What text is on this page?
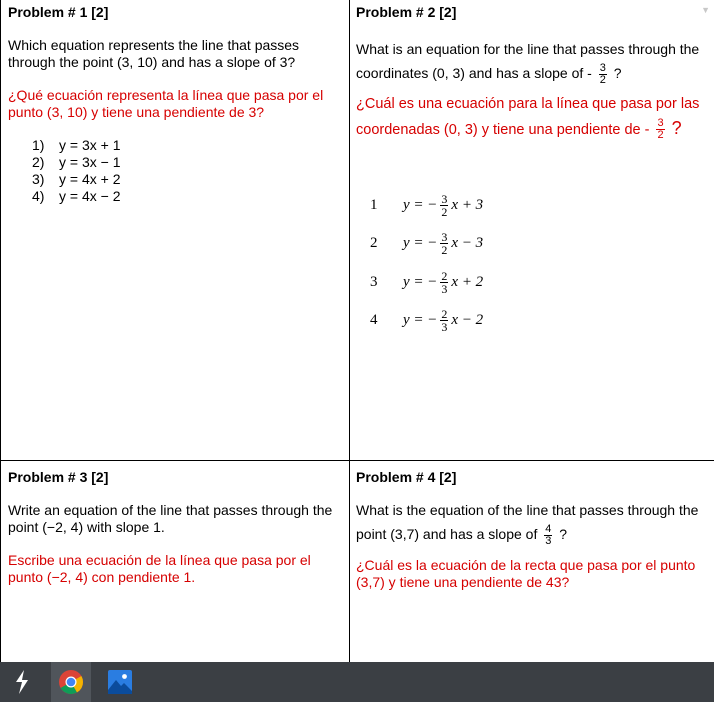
Problem # 1 [2]
Which equation represents the line that passes through the point (3, 10) and has a slope of 3?
¿Qué ecuación representa la línea que pasa por el punto (3, 10) y tiene una pendiente de 3?
1)	y = 3x + 1
2)	y = 3x − 1
3)	y = 4x + 2
4)	y = 4x − 2
▼
Problem # 2 [2]
What is an equation for the line that passes through the coordinates (0, 3) and has a slope of - $\frac{3}{2}$ ?
¿Cuál es una ecuación para la línea que pasa por las coordenadas (0, 3) y tiene una pendiente de - $\frac{3}{2}$ ?
1	y = − $\frac{3}{2}$ x + 3
2	y = − $\frac{3}{2}$ x − 3
3	y = − $\frac{2}{3}$ x + 2
4	y = − $\frac{2}{3}$ x − 2
Problem # 3 [2]
Write an equation of the line that passes through the point (−2, 4) with slope 1.
Escribe una ecuación de la línea que pasa por el punto (−2, 4) con pendiente 1.
Problem # 4 [2]
What is the equation of the line that passes through the point (3,7) and has a slope of $\frac{4}{3}$ ?
¿Cuál es la ecuación de la recta que pasa por el punto (3,7) y tiene una pendiente de 43?
